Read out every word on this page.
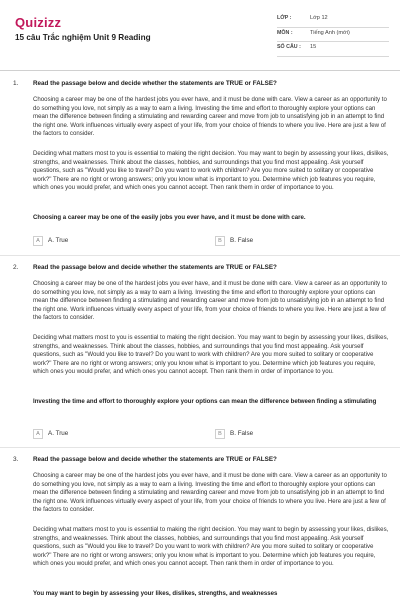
Quizizz
15 câu Trắc nghiệm Unit 9 Reading
LỚP :	Lớp 12
MÔN :	Tiếng Anh (mới)
SỐ CÂU : 15
1. Read the passage below and decide whether the statements are TRUE or FALSE?
Choosing a career may be one of the hardest jobs you ever have, and it must be done with care. View a career as an opportunity to do something you love, not simply as a way to earn a living. Investing the time and effort to thoroughly explore your options can mean the difference between finding a stimulating and rewarding career and move from job to unsatisfying job in an attempt to find the right one. Work influences virtually every aspect of your life, from your choice of friends to where you live. Here are just a few of the factors to consider.
Deciding what matters most to you is essential to making the right decision. You may want to begin by assessing your likes, dislikes, strengths, and weaknesses. Think about the classes, hobbies, and surroundings that you find most appealing. Ask yourself questions, such as "Would you like to travel? Do you want to work with children? Are you more suited to solitary or cooperative work?" There are no right or wrong answers; only you know what is important to you. Determine which job features you require, which ones you would prefer, and which ones you cannot accept. Then rank them in order of importance to you.
Choosing a career may be one of the easily jobs you ever have, and it must be done with care.
A	A. True	B	B. False
2. Read the passage below and decide whether the statements are TRUE or FALSE?
Choosing a career may be one of the hardest jobs you ever have, and it must be done with care. View a career as an opportunity to do something you love, not simply as a way to earn a living. Investing the time and effort to thoroughly explore your options can mean the difference between finding a stimulating and rewarding career and move from job to unsatisfying job in an attempt to find the right one. Work influences virtually every aspect of your life, from your choice of friends to where you live. Here are just a few of the factors to consider.
Deciding what matters most to you is essential to making the right decision. You may want to begin by assessing your likes, dislikes, strengths, and weaknesses. Think about the classes, hobbies, and surroundings that you find most appealing. Ask yourself questions, such as "Would you like to travel? Do you want to work with children? Are you more suited to solitary or cooperative work?" There are no right or wrong answers; only you know what is important to you. Determine which job features you require, which ones you would prefer, and which ones you cannot accept. Then rank them in order of importance to you.
Investing the time and effort to thoroughly explore your options can mean the difference between finding a stimulating
A	A. True	B	B. False
3. Read the passage below and decide whether the statements are TRUE or FALSE?
Choosing a career may be one of the hardest jobs you ever have, and it must be done with care. View a career as an opportunity to do something you love, not simply as a way to earn a living. Investing the time and effort to thoroughly explore your options can mean the difference between finding a stimulating and rewarding career and move from job to unsatisfying job in an attempt to find the right one. Work influences virtually every aspect of your life, from your choice of friends to where you live. Here are just a few of the factors to consider.
Deciding what matters most to you is essential to making the right decision. You may want to begin by assessing your likes, dislikes, strengths, and weaknesses. Think about the classes, hobbies, and surroundings that you find most appealing. Ask yourself questions, such as "Would you like to travel? Do you want to work with children? Are you more suited to solitary or cooperative work?" There are no right or wrong answers; only you know what is important to you. Determine which job features you require, which ones you would prefer, and which ones you cannot accept. Then rank them in order of importance to you.
You may want to begin by assessing your likes, dislikes, strengths, and weaknesses
